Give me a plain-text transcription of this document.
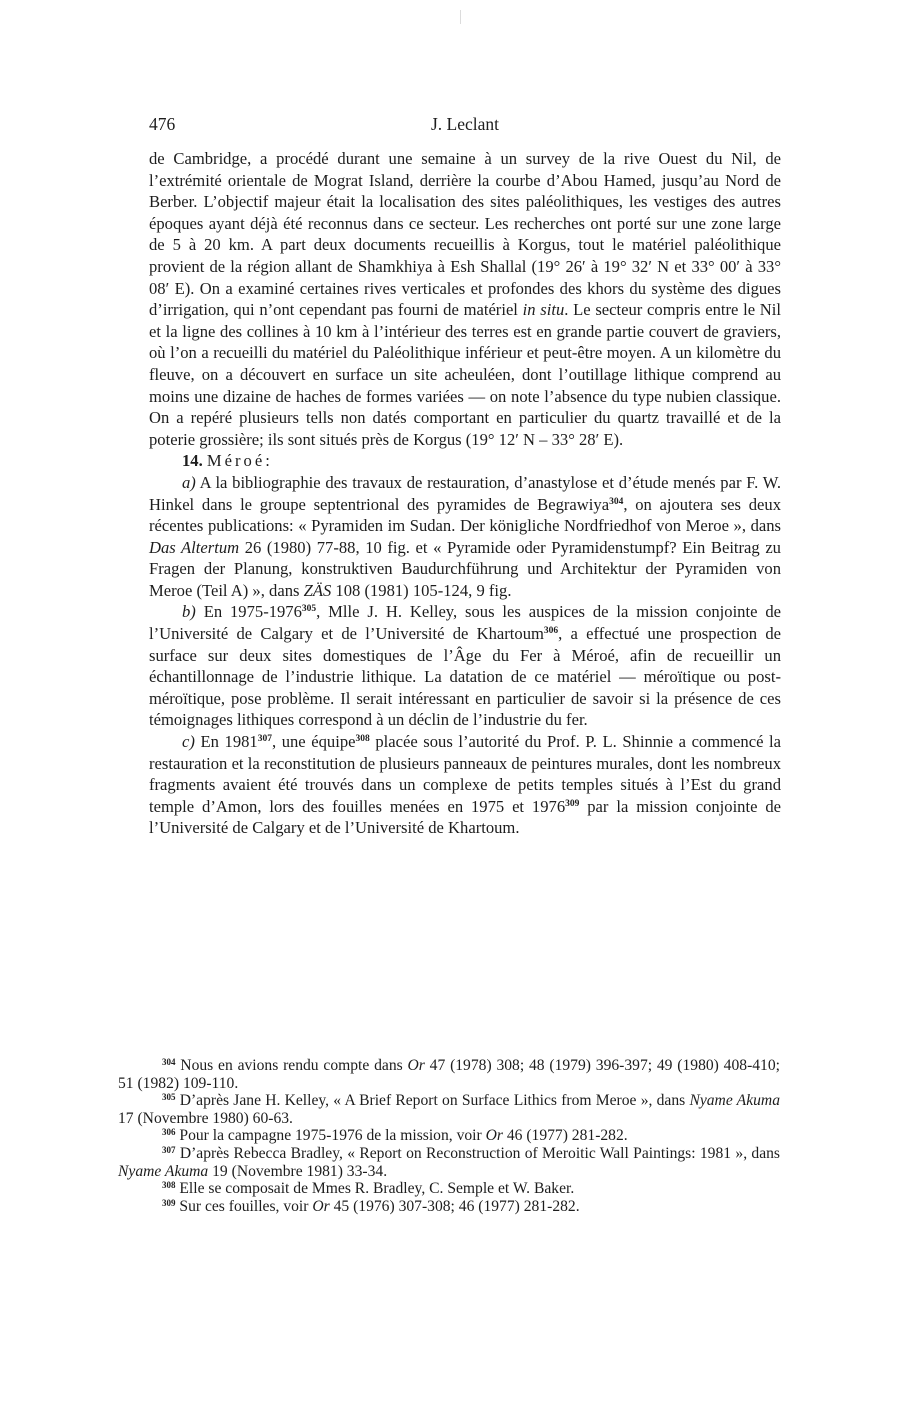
476	J. Leclant

de Cambridge, a procédé durant une semaine à un survey de la rive Ouest du Nil, de l’extrémité orientale de Mograt Island, derrière la courbe d’Abou Hamed, jusqu’au Nord de Berber. L’objectif majeur était la localisation des sites paléolithiques, les vestiges des autres époques ayant déjà été reconnus dans ce secteur. Les recherches ont porté sur une zone large de 5 à 20 km. A part deux documents recueillis à Korgus, tout le matériel paléolithique provient de la région allant de Shamkhiya à Esh Shallal (19° 26′ à 19° 32′ N et 33° 00′ à 33° 08′ E). On a examiné certaines rives verticales et profondes des khors du système des digues d’irrigation, qui n’ont cependant pas fourni de matériel in situ. Le secteur compris entre le Nil et la ligne des collines à 10 km à l’intérieur des terres est en grande partie couvert de graviers, où l’on a recueilli du matériel du Paléolithique inférieur et peut-être moyen. A un kilomètre du fleuve, on a découvert en surface un site acheuléen, dont l’outillage lithique comprend au moins une dizaine de haches de formes variées — on note l’absence du type nubien classique. On a repéré plusieurs tells non datés comportant en particulier du quartz travaillé et de la poterie grossière; ils sont situés près de Korgus (19° 12′ N – 33° 28′ E).

14. Méroé:

a) A la bibliographie des travaux de restauration, d’anastylose et d’étude menés par F. W. Hinkel dans le groupe septentrional des pyramides de Begrawiya$^{304}$, on ajoutera ses deux récentes publications: « Pyramiden im Sudan. Der königliche Nordfriedhof von Meroe », dans Das Altertum 26 (1980) 77-88, 10 fig. et « Pyramide oder Pyramidenstumpf? Ein Beitrag zu Fragen der Planung, konstruktiven Baudurchführung und Architektur der Pyramiden von Meroe (Teil A) », dans ZÄS 108 (1981) 105-124, 9 fig.

b) En 1975-1976$^{305}$, Mlle J. H. Kelley, sous les auspices de la mission conjointe de l’Université de Calgary et de l’Université de Khartoum$^{306}$, a effectué une prospection de surface sur deux sites domestiques de l’Âge du Fer à Méroé, afin de recueillir un échantillonnage de l’industrie lithique. La datation de ce matériel — méroïtique ou post-méroïtique, pose problème. Il serait intéressant en particulier de savoir si la présence de ces témoignages lithiques correspond à un déclin de l’industrie du fer.

c) En 1981$^{307}$, une équipe$^{308}$ placée sous l’autorité du Prof. P. L. Shinnie a commencé la restauration et la reconstitution de plusieurs panneaux de peintures murales, dont les nombreux fragments avaient été trouvés dans un complexe de petits temples situés à l’Est du grand temple d’Amon, lors des fouilles menées en 1975 et 1976$^{309}$ par la mission conjointe de l’Université de Calgary et de l’Université de Khartoum.

$^{304}$ Nous en avions rendu compte dans Or 47 (1978) 308; 48 (1979) 396-397; 49 (1980) 408-410; 51 (1982) 109-110.

$^{305}$ D’après Jane H. Kelley, « A Brief Report on Surface Lithics from Meroe », dans Nyame Akuma 17 (Novembre 1980) 60-63.

$^{306}$ Pour la campagne 1975-1976 de la mission, voir Or 46 (1977) 281-282.

$^{307}$ D’après Rebecca Bradley, « Report on Reconstruction of Meroitic Wall Paintings: 1981 », dans Nyame Akuma 19 (Novembre 1981) 33-34.

$^{308}$ Elle se composait de Mmes R. Bradley, C. Semple et W. Baker.

$^{309}$ Sur ces fouilles, voir Or 45 (1976) 307-308; 46 (1977) 281-282.
